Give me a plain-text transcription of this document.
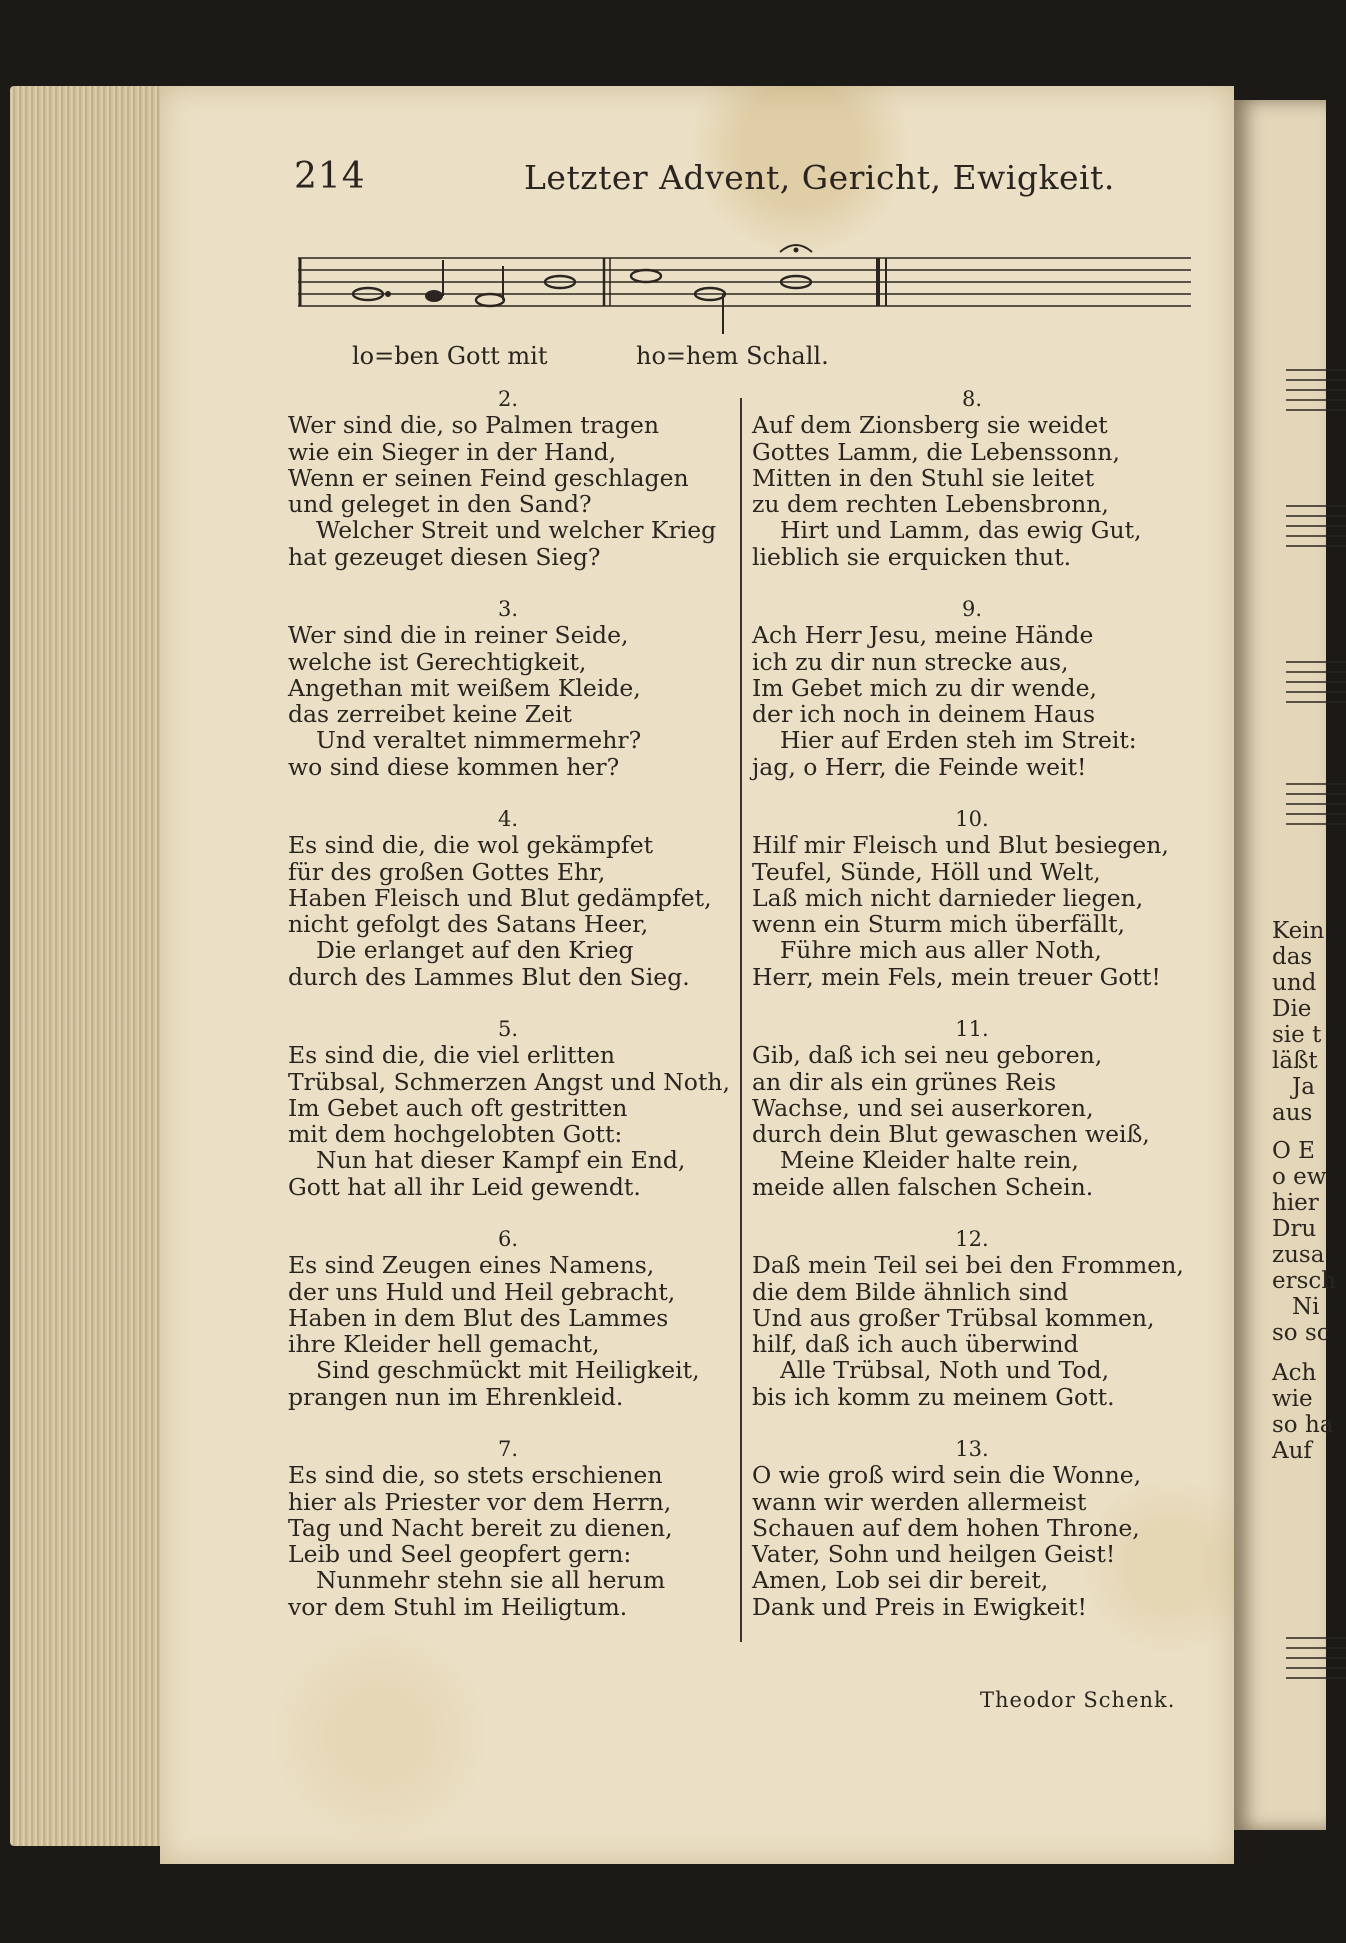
Kein
das
und
Die
sie t
läßt
Ja
aus
O E
o ew
hier
Dru
zusa
ersch
Ni
so sc
Ach
wie
so ha
Auf
214	Letzter Advent, Gericht, Ewigkeit.
lo=ben Gott mit	ho=hem Schall.
2.
Wer sind die, so Palmen tragen
wie ein Sieger in der Hand,
Wenn er seinen Feind geschlagen
und geleget in den Sand?
Welcher Streit und welcher Krieg
hat gezeuget diesen Sieg?
3.
Wer sind die in reiner Seide,
welche ist Gerechtigkeit,
Angethan mit weißem Kleide,
das zerreibet keine Zeit
Und veraltet nimmermehr?
wo sind diese kommen her?
4.
Es sind die, die wol gekämpfet
für des großen Gottes Ehr,
Haben Fleisch und Blut gedämpfet,
nicht gefolgt des Satans Heer,
Die erlanget auf den Krieg
durch des Lammes Blut den Sieg.
5.
Es sind die, die viel erlitten
Trübsal, Schmerzen Angst und Noth,
Im Gebet auch oft gestritten
mit dem hochgelobten Gott:
Nun hat dieser Kampf ein End,
Gott hat all ihr Leid gewendt.
6.
Es sind Zeugen eines Namens,
der uns Huld und Heil gebracht,
Haben in dem Blut des Lammes
ihre Kleider hell gemacht,
Sind geschmückt mit Heiligkeit,
prangen nun im Ehrenkleid.
7.
Es sind die, so stets erschienen
hier als Priester vor dem Herrn,
Tag und Nacht bereit zu dienen,
Leib und Seel geopfert gern:
Nunmehr stehn sie all herum
vor dem Stuhl im Heiligtum.
8.
Auf dem Zionsberg sie weidet
Gottes Lamm, die Lebenssonn,
Mitten in den Stuhl sie leitet
zu dem rechten Lebensbronn,
Hirt und Lamm, das ewig Gut,
lieblich sie erquicken thut.
9.
Ach Herr Jesu, meine Hände
ich zu dir nun strecke aus,
Im Gebet mich zu dir wende,
der ich noch in deinem Haus
Hier auf Erden steh im Streit:
jag, o Herr, die Feinde weit!
10.
Hilf mir Fleisch und Blut besiegen,
Teufel, Sünde, Höll und Welt,
Laß mich nicht darnieder liegen,
wenn ein Sturm mich überfällt,
Führe mich aus aller Noth,
Herr, mein Fels, mein treuer Gott!
11.
Gib, daß ich sei neu geboren,
an dir als ein grünes Reis
Wachse, und sei auserkoren,
durch dein Blut gewaschen weiß,
Meine Kleider halte rein,
meide allen falschen Schein.
12.
Daß mein Teil sei bei den Frommen,
die dem Bilde ähnlich sind
Und aus großer Trübsal kommen,
hilf, daß ich auch überwind
Alle Trübsal, Noth und Tod,
bis ich komm zu meinem Gott.
13.
O wie groß wird sein die Wonne,
wann wir werden allermeist
Schauen auf dem hohen Throne,
Vater, Sohn und heilgen Geist!
Amen, Lob sei dir bereit,
Dank und Preis in Ewigkeit!
Theodor Schenk.
